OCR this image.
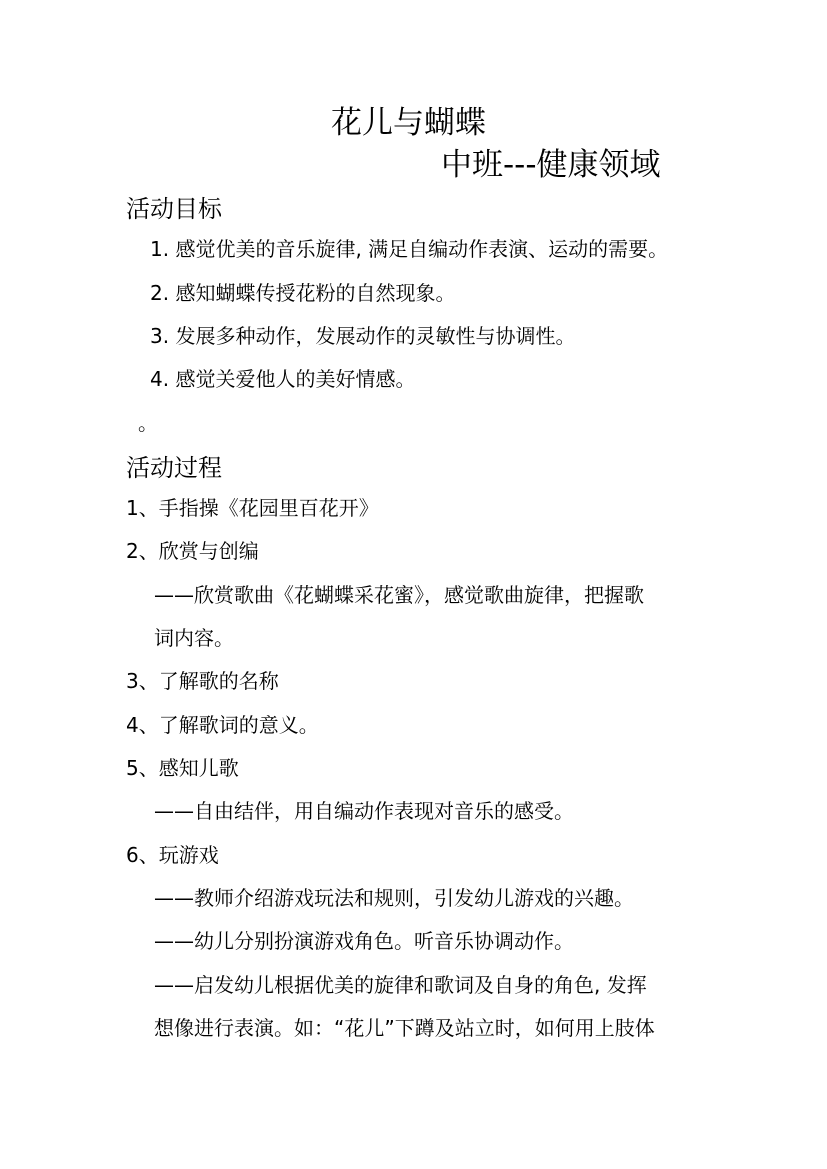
花儿与蝴蝶
中班---健康领域
活动目标
1. 感觉优美的音乐旋律, 满足自编动作表演、运动的需要。
2. 感知蝴蝶传授花粉的自然现象。
3. 发展多种动作，发展动作的灵敏性与协调性。
4. 感觉关爱他人的美好情感。
。
活动过程
1、手指操《花园里百花开》
2、欣赏与创编
——欣赏歌曲《花蝴蝶采花蜜》，感觉歌曲旋律，把握歌
词内容。
3、了解歌的名称
4、了解歌词的意义。
5、感知儿歌
——自由结伴，用自编动作表现对音乐的感受。
6、玩游戏
——教师介绍游戏玩法和规则，引发幼儿游戏的兴趣。
——幼儿分别扮演游戏角色。听音乐协调动作。
——启发幼儿根据优美的旋律和歌词及自身的角色, 发挥
想像进行表演。如：“花儿”下蹲及站立时，如何用上肢体
